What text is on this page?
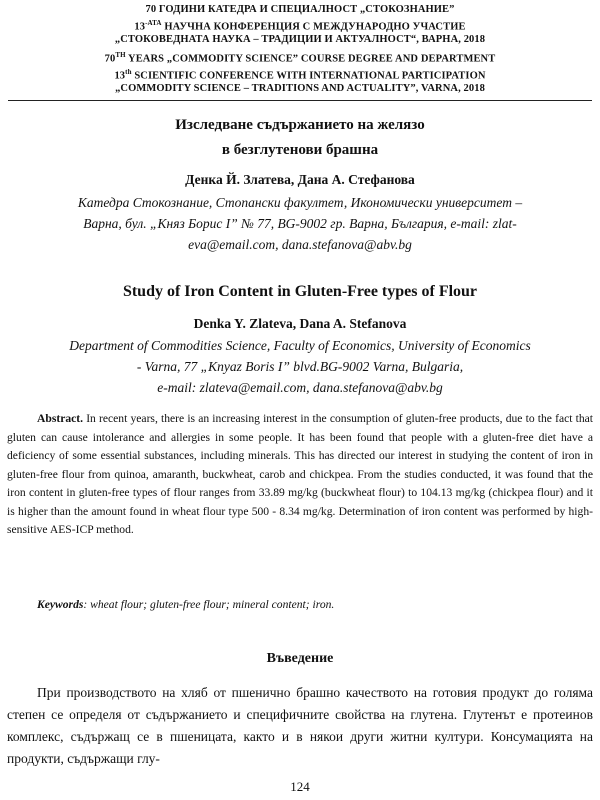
70 ГОДИНИ КАТЕДРА И СПЕЦИАЛНОСТ „СТОКОЗНАНИЕ”
$13^{-ATA}$ НАУЧНА КОНФЕРЕНЦИЯ С МЕЖДУНАРОДНО УЧАСТИЕ
„СТОКОВЕДНАТА НАУКА – ТРАДИЦИИ И АКТУАЛНОСТ“, ВАРНА, 2018
70TH YEARS „COMMODITY SCIENCE” COURSE DEGREE AND DEPARTMENT
13th SCIENTIFIC CONFERENCE WITH INTERNATIONAL PARTICIPATION
„COMMODITY SCIENCE – TRADITIONS AND ACTUALITY”, VARNA, 2018
Изследване съдържанието на желязо
в безглутенови брашна
Денка Й. Златева, Дана А. Стефанова
Катедра Стокознание, Стопански факултет, Икономически университет –
Варна, бул. „Княз Борис I” № 77, BG-9002 гр. Варна, България, e-mail: zlat-
eva@email.com, dana.stefanova@abv.bg
Study of Iron Content in Gluten-Free types of Flour
Denka Y. Zlateva, Dana A. Stefanova
Department of Commodities Science, Faculty of Economics, University of Economics
- Varna, 77 „Knyaz Boris I” blvd.BG-9002 Varna, Bulgaria,
e-mail: zlateva@email.com, dana.stefanova@abv.bg
Abstract. In recent years, there is an increasing interest in the consumption of gluten-free products, due to the fact that gluten can cause intolerance and allergies in some people. It has been found that people with a gluten-free diet have a deficiency of some essential substances, including minerals. This has directed our interest in studying the content of iron in gluten-free flour from quinoa, amaranth, buckwheat, carob and chickpea. From the studies conducted, it was found that the iron content in gluten-free types of flour ranges from 33.89 mg/kg (buckwheat flour) to 104.13 mg/kg (chickpea flour) and it is higher than the amount found in wheat flour type 500 - 8.34 mg/kg. Determination of iron content was performed by high-sensitive AES-ICP method.
Keywords: wheat flour; gluten-free flour; mineral content; iron.
Въведение
При производството на хляб от пшенично брашно качеството на готовия продукт до голяма степен се определя от съдържанието и специфичните свойства на глутена. Глутенът е протеинов комплекс, съдържащ се в пшеницата, както и в някои други житни култури. Консумацията на продукти, съдържащи глу-
124
